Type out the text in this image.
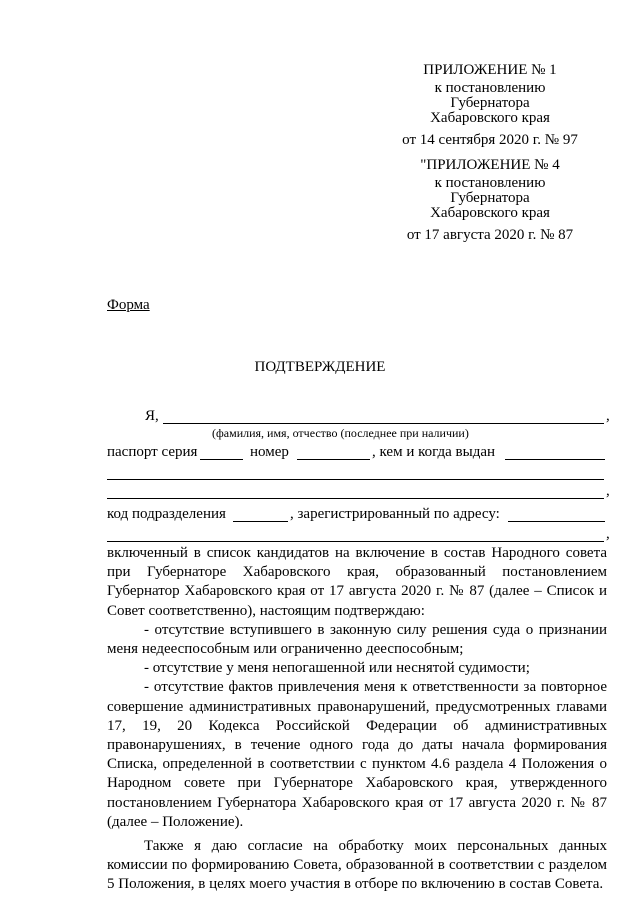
ПРИЛОЖЕНИЕ № 1
к постановлению
Губернатора
Хабаровского края
от 14 сентября 2020 г. № 97
"ПРИЛОЖЕНИЕ № 4
к постановлению
Губернатора
Хабаровского края
от 17 августа 2020 г. № 87
Форма
ПОДТВЕРЖДЕНИЕ
Я,	,
(фамилия, имя, отчество (последнее при наличии)
паспорт серия	номер	, кем и когда выдан
,
код подразделения	, зарегистрированный по адресу:
,

включенный в список кандидатов на включение в состав Народного совета при Губернаторе Хабаровского края, образованный постановлением Губернатор Хабаровского края от 17 августа 2020 г. № 87 (далее – Список и Совет соответственно), настоящим подтверждаю:

- отсутствие вступившего в законную силу решения суда о признании меня недееспособным или ограниченно дееспособным;

- отсутствие у меня непогашенной или неснятой судимости;

- отсутствие фактов привлечения меня к ответственности за повторное совершение административных правонарушений, предусмотренных главами 17, 19, 20 Кодекса Российской Федерации об административных правонарушениях, в течение одного года до даты начала формирования Списка, определенной в соответствии с пунктом 4.6 раздела 4 Положения о Народном совете при Губернаторе Хабаровского края, утвержденного постановлением Губернатора Хабаровского края от 17 августа 2020 г. № 87 (далее – Положение).

Также я даю согласие на обработку моих персональных данных комиссии по формированию Совета, образованной в соответствии с разделом 5 Положения, в целях моего участия в отборе по включению в состав Совета.
